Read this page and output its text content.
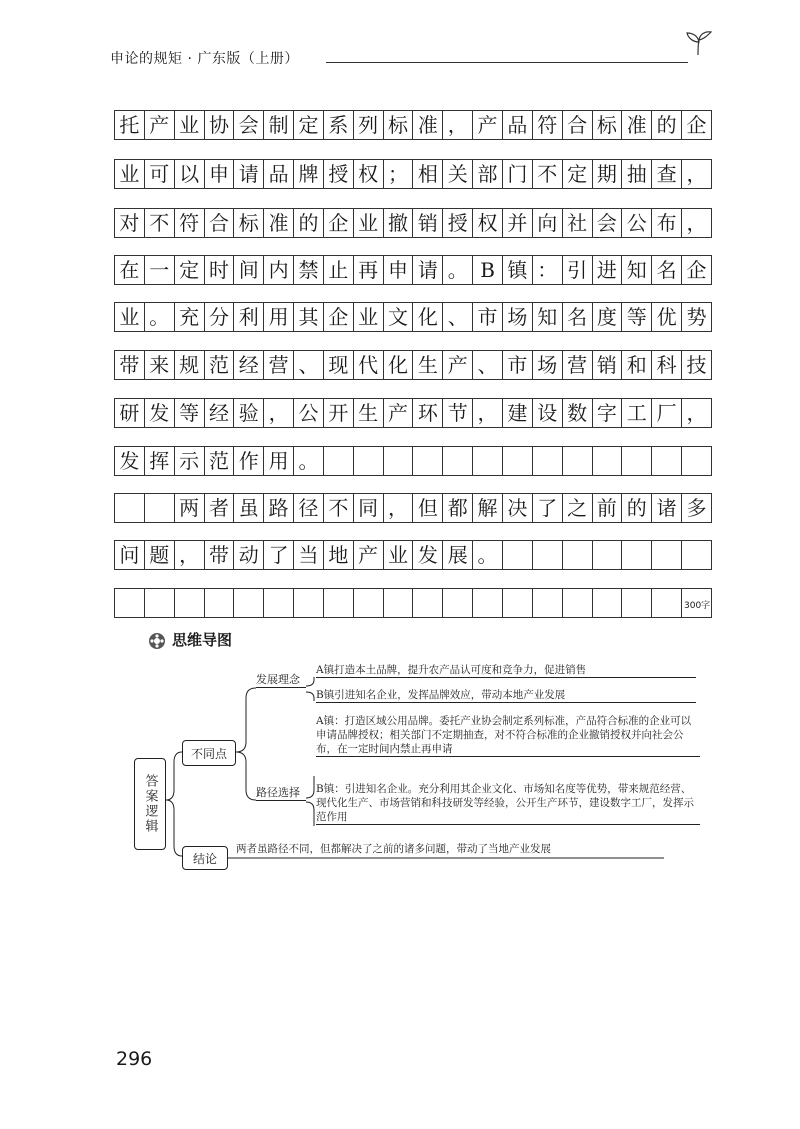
申论的规矩 · 广东版（上册）
托 产 业 协 会 制 定 系 列 标 准 ， 产 品 符 合 标 准 的 企
业 可 以 申 请 品 牌 授 权 ； 相 关 部 门 不 定 期 抽 查 ，
对 不 符 合 标 准 的 企 业 撤 销 授 权 并 向 社 会 公 布 ，
在 一 定 时 间 内 禁 止 再 申 请 。 B 镇 ： 引 进 知 名 企
业 。 充 分 利 用 其 企 业 文 化 、 市 场 知 名 度 等 优 势
带 来 规 范 经 营 、 现 代 化 生 产 、 市 场 营 销 和 科 技
研 发 等 经 验 ， 公 开 生 产 环 节 ， 建 设 数 字 工 厂 ，
发 挥 示 范 作 用 。
两 者 虽 路 径 不 同 ， 但 都 解 决 了 之 前 的 诸 多
问 题 ， 带 动 了 当 地 产 业 发 展 。
300字
思维导图
答案逻辑
不同点
结论
发展理念
路径选择
A镇打造本土品牌，提升农产品认可度和竞争力，促进销售
B镇引进知名企业，发挥品牌效应，带动本地产业发展
A镇：打造区域公用品牌。委托产业协会制定系列标准，产品符合标准的企业可以申请品牌授权；相关部门不定期抽查，对不符合标准的企业撤销授权并向社会公布，在一定时间内禁止再申请
B镇：引进知名企业。充分利用其企业文化、市场知名度等优势，带来规范经营、现代化生产、市场营销和科技研发等经验，公开生产环节，建设数字工厂，发挥示范作用
两者虽路径不同，但都解决了之前的诸多问题，带动了当地产业发展
296
